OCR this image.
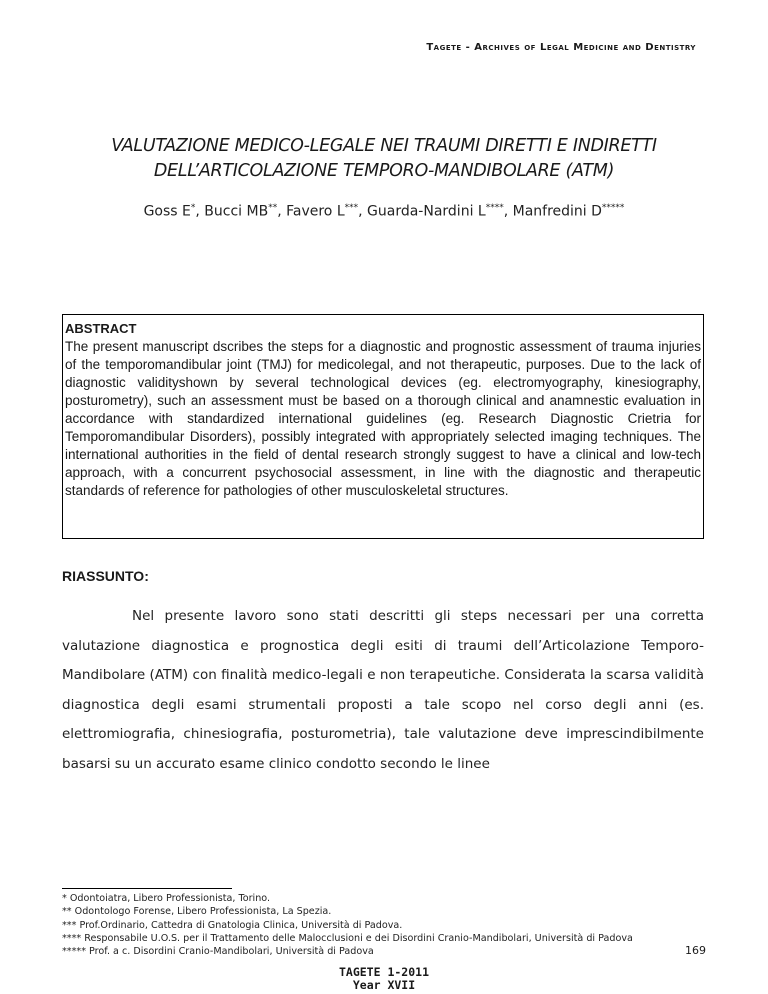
Tagete - Archives of Legal Medicine and Dentistry
VALUTAZIONE MEDICO-LEGALE NEI TRAUMI DIRETTI E INDIRETTI
DELL’ARTICOLAZIONE TEMPORO-MANDIBOLARE (ATM)
Goss E*, Bucci MB**, Favero L***, Guarda-Nardini L****, Manfredini D*****

ABSTRACT

The present manuscript dscribes the steps for a diagnostic and prognostic assessment of trauma injuries of the temporomandibular joint (TMJ) for medicolegal, and not therapeutic, purposes. Due to the lack of diagnostic validityshown by several technological devices (eg. electromyography, kinesiography, posturometry), such an assessment must be based on a thorough clinical and anamnestic evaluation in accordance with standardized international guidelines (eg. Research Diagnostic Crietria for Temporomandibular Disorders), possibly integrated with appropriately selected imaging techniques. The international authorities in the field of dental research strongly suggest to have a clinical and low-tech approach, with a concurrent psychosocial assessment, in line with the diagnostic and therapeutic standards of reference for pathologies of other musculoskeletal structures.

RIASSUNTO:

Nel presente lavoro sono stati descritti gli steps necessari per una corretta valutazione diagnostica e prognostica degli esiti di traumi dell’Articolazione Temporo-Mandibolare (ATM) con finalità medico-legali e non terapeutiche. Considerata la scarsa validità diagnostica degli esami strumentali proposti a tale scopo nel corso degli anni (es. elettromiografia, chinesiografia, posturometria), tale valutazione deve imprescindibilmente basarsi su un accurato esame clinico condotto secondo le linee

* Odontoiatra, Libero Professionista, Torino.

** Odontologo Forense, Libero Professionista, La Spezia.

*** Prof.Ordinario, Cattedra di Gnatologia Clinica, Università di Padova.

**** Responsabile U.O.S. per il Trattamento delle Malocclusioni e dei Disordini Cranio-Mandibolari, Università di Padova

***** Prof. a c. Disordini Cranio-Mandibolari, Università di Padova	169
TAGETE 1-2011
Year XVII
